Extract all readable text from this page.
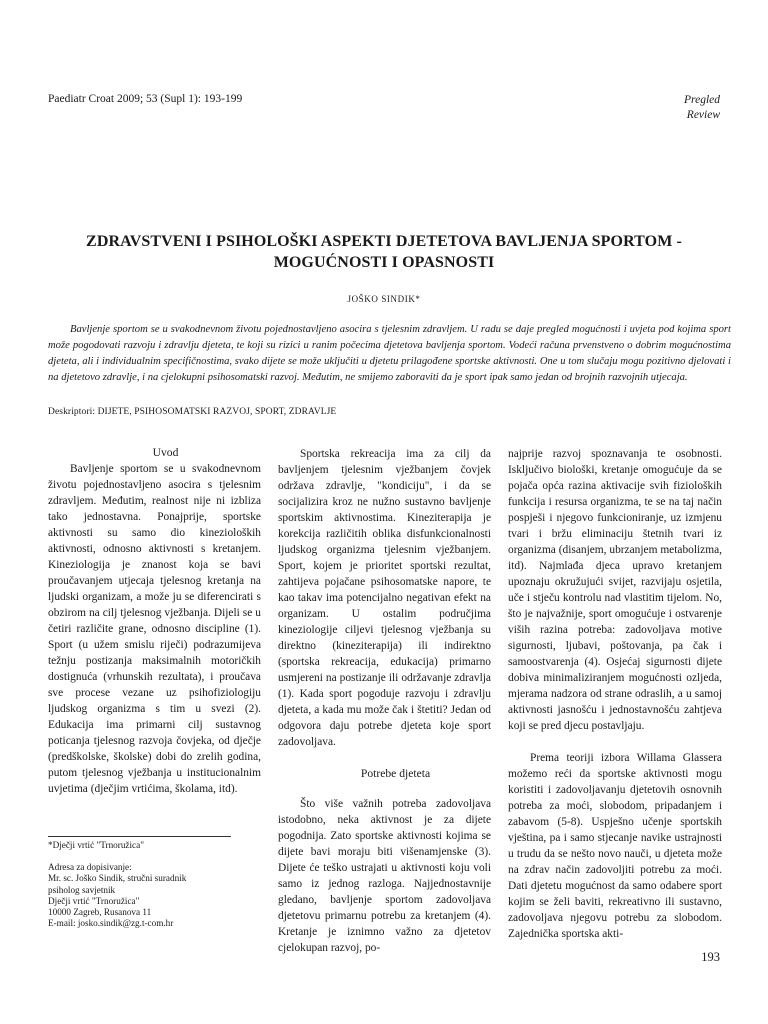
Paediatr Croat 2009; 53 (Supl 1): 193-199	Pregled
Review
ZDRAVSTVENI I PSIHOLOŠKI ASPEKTI DJETETOVA BAVLJENJA SPORTOM -
MOGUĆNOSTI I OPASNOSTI
JOŠKO SINDIK*

Bavljenje sportom se u svakodnevnom životu pojednostavljeno asocira s tjelesnim zdravljem. U radu se daje pregled mogućnosti i uvjeta pod kojima sport može pogodovati razvoju i zdravlju djeteta, te koji su rizici u ranim počecima djetetova bavljenja sportom. Vodeći računa prvenstveno o dobrim mogućnostima djeteta, ali i individualnim specifičnostima, svako dijete se može uključiti u djetetu prilagođene sportske aktivnosti. One u tom slučaju mogu pozitivno djelovati i na djetetovo zdravlje, i na cjelokupni psihosomatski razvoj. Međutim, ne smijemo zaboraviti da je sport ipak samo jedan od brojnih razvojnih utjecaja.

Deskriptori: DIJETE, PSIHOSOMATSKI RAZVOJ, SPORT, ZDRAVLJE

Uvod

Bavljenje sportom se u svakodnevnom životu pojednostavljeno asocira s tjelesnim zdravljem. Međutim, realnost nije ni izbliza tako jednostavna. Ponajprije, sportske aktivnosti su samo dio kinezioloških aktivnosti, odnosno aktivnosti s kretanjem. Kineziologija je znanost koja se bavi proučavanjem utjecaja tjelesnog kretanja na ljudski organizam, a može ju se diferencirati s obzirom na cilj tjelesnog vježbanja. Dijeli se u četiri različite grane, odnosno discipline (1). Sport (u užem smislu riječi) podrazumijeva težnju postizanja maksimalnih motoričkih dostignuća (vrhunskih rezultata), i proučava sve procese vezane uz psihofiziologiju ljudskog organizma s tim u svezi (2). Edukacija ima primarni cilj sustavnog poticanja tjelesnog razvoja čovjeka, od dječje (predškolske, školske) dobi do zrelih godina, putom tjelesnog vježbanja u institucionalnim uvjetima (dječjim vrtićima, školama, itd).

Sportska rekreacija ima za cilj da bavljenjem tjelesnim vježbanjem čovjek održava zdravlje, "kondiciju", i da se socijalizira kroz ne nužno sustavno bavljenje sportskim aktivnostima. Kineziterapija je korekcija različitih oblika disfunkcionalnosti ljudskog organizma tjelesnim vježbanjem. Sport, kojem je prioritet sportski rezultat, zahtijeva pojačane psihosomatske napore, te kao takav ima potencijalno negativan efekt na organizam. U ostalim područjima kineziologije ciljevi tjelesnog vježbanja su direktno (kineziterapija) ili indirektno (sportska rekreacija, edukacija) primarno usmjereni na postizanje ili održavanje zdravlja (1). Kada sport pogoduje razvoju i zdravlju djeteta, a kada mu može čak i štetiti? Jedan od odgovora daju potrebe djeteta koje sport zadovoljava.

Potrebe djeteta

Što više važnih potreba zadovoljava istodobno, neka aktivnost je za dijete pogodnija. Zato sportske aktivnosti kojima se dijete bavi moraju biti višenamjenske (3). Dijete će teško ustrajati u aktivnosti koju voli samo iz jednog razloga. Najjednostavnije gledano, bavljenje sportom zadovoljava djetetovu primarnu potrebu za kretanjem (4). Kretanje je iznimno važno za djetetov cjelokupan razvoj, po-

najprije razvoj spoznavanja te osobnosti. Isključivo biološki, kretanje omogućuje da se pojača opća razina aktivacije svih fizioloških funkcija i resursa organizma, te se na taj način pospješi i njegovo funkcioniranje, uz izmjenu tvari i bržu eliminaciju štetnih tvari iz organizma (disanjem, ubrzanjem metabolizma, itd). Najmlađa djeca upravo kretanjem upoznaju okružujući svijet, razvijaju osjetila, uče i stječu kontrolu nad vlastitim tijelom. No, što je najvažnije, sport omogućuje i ostvarenje viših razina potreba: zadovoljava motive sigurnosti, ljubavi, poštovanja, pa čak i samoostvarenja (4). Osjećaj sigurnosti dijete dobiva minimaliziranjem mogućnosti ozljeda, mjerama nadzora od strane odraslih, a u samoj aktivnosti jasnošću i jednostavnošću zahtjeva koji se pred djecu postavljaju.

Prema teoriji izbora Willama Glassera možemo reći da sportske aktivnosti mogu koristiti i zadovoljavanju djetetovih osnovnih potreba za moći, slobodom, pripadanjem i zabavom (5-8). Uspješno učenje sportskih vještina, pa i samo stjecanje navike ustrajnosti u trudu da se nešto novo nauči, u djeteta može na zdrav način zadovoljiti potrebu za moći. Dati djetetu mogućnost da samo odabere sport kojim se želi baviti, rekreativno ili sustavno, zadovoljava njegovu potrebu za slobodom. Zajednička sportska akti-

*Dječji vrtić "Trnoružica"
Adresa za dopisivanje:
Mr. sc. Joško Sindik, stručni suradnik
psiholog savjetnik
Dječji vrtić "Trnoružica"
10000 Zagreb, Rusanova 11
E-mail: josko.sindik@zg.t-com.hr
193
